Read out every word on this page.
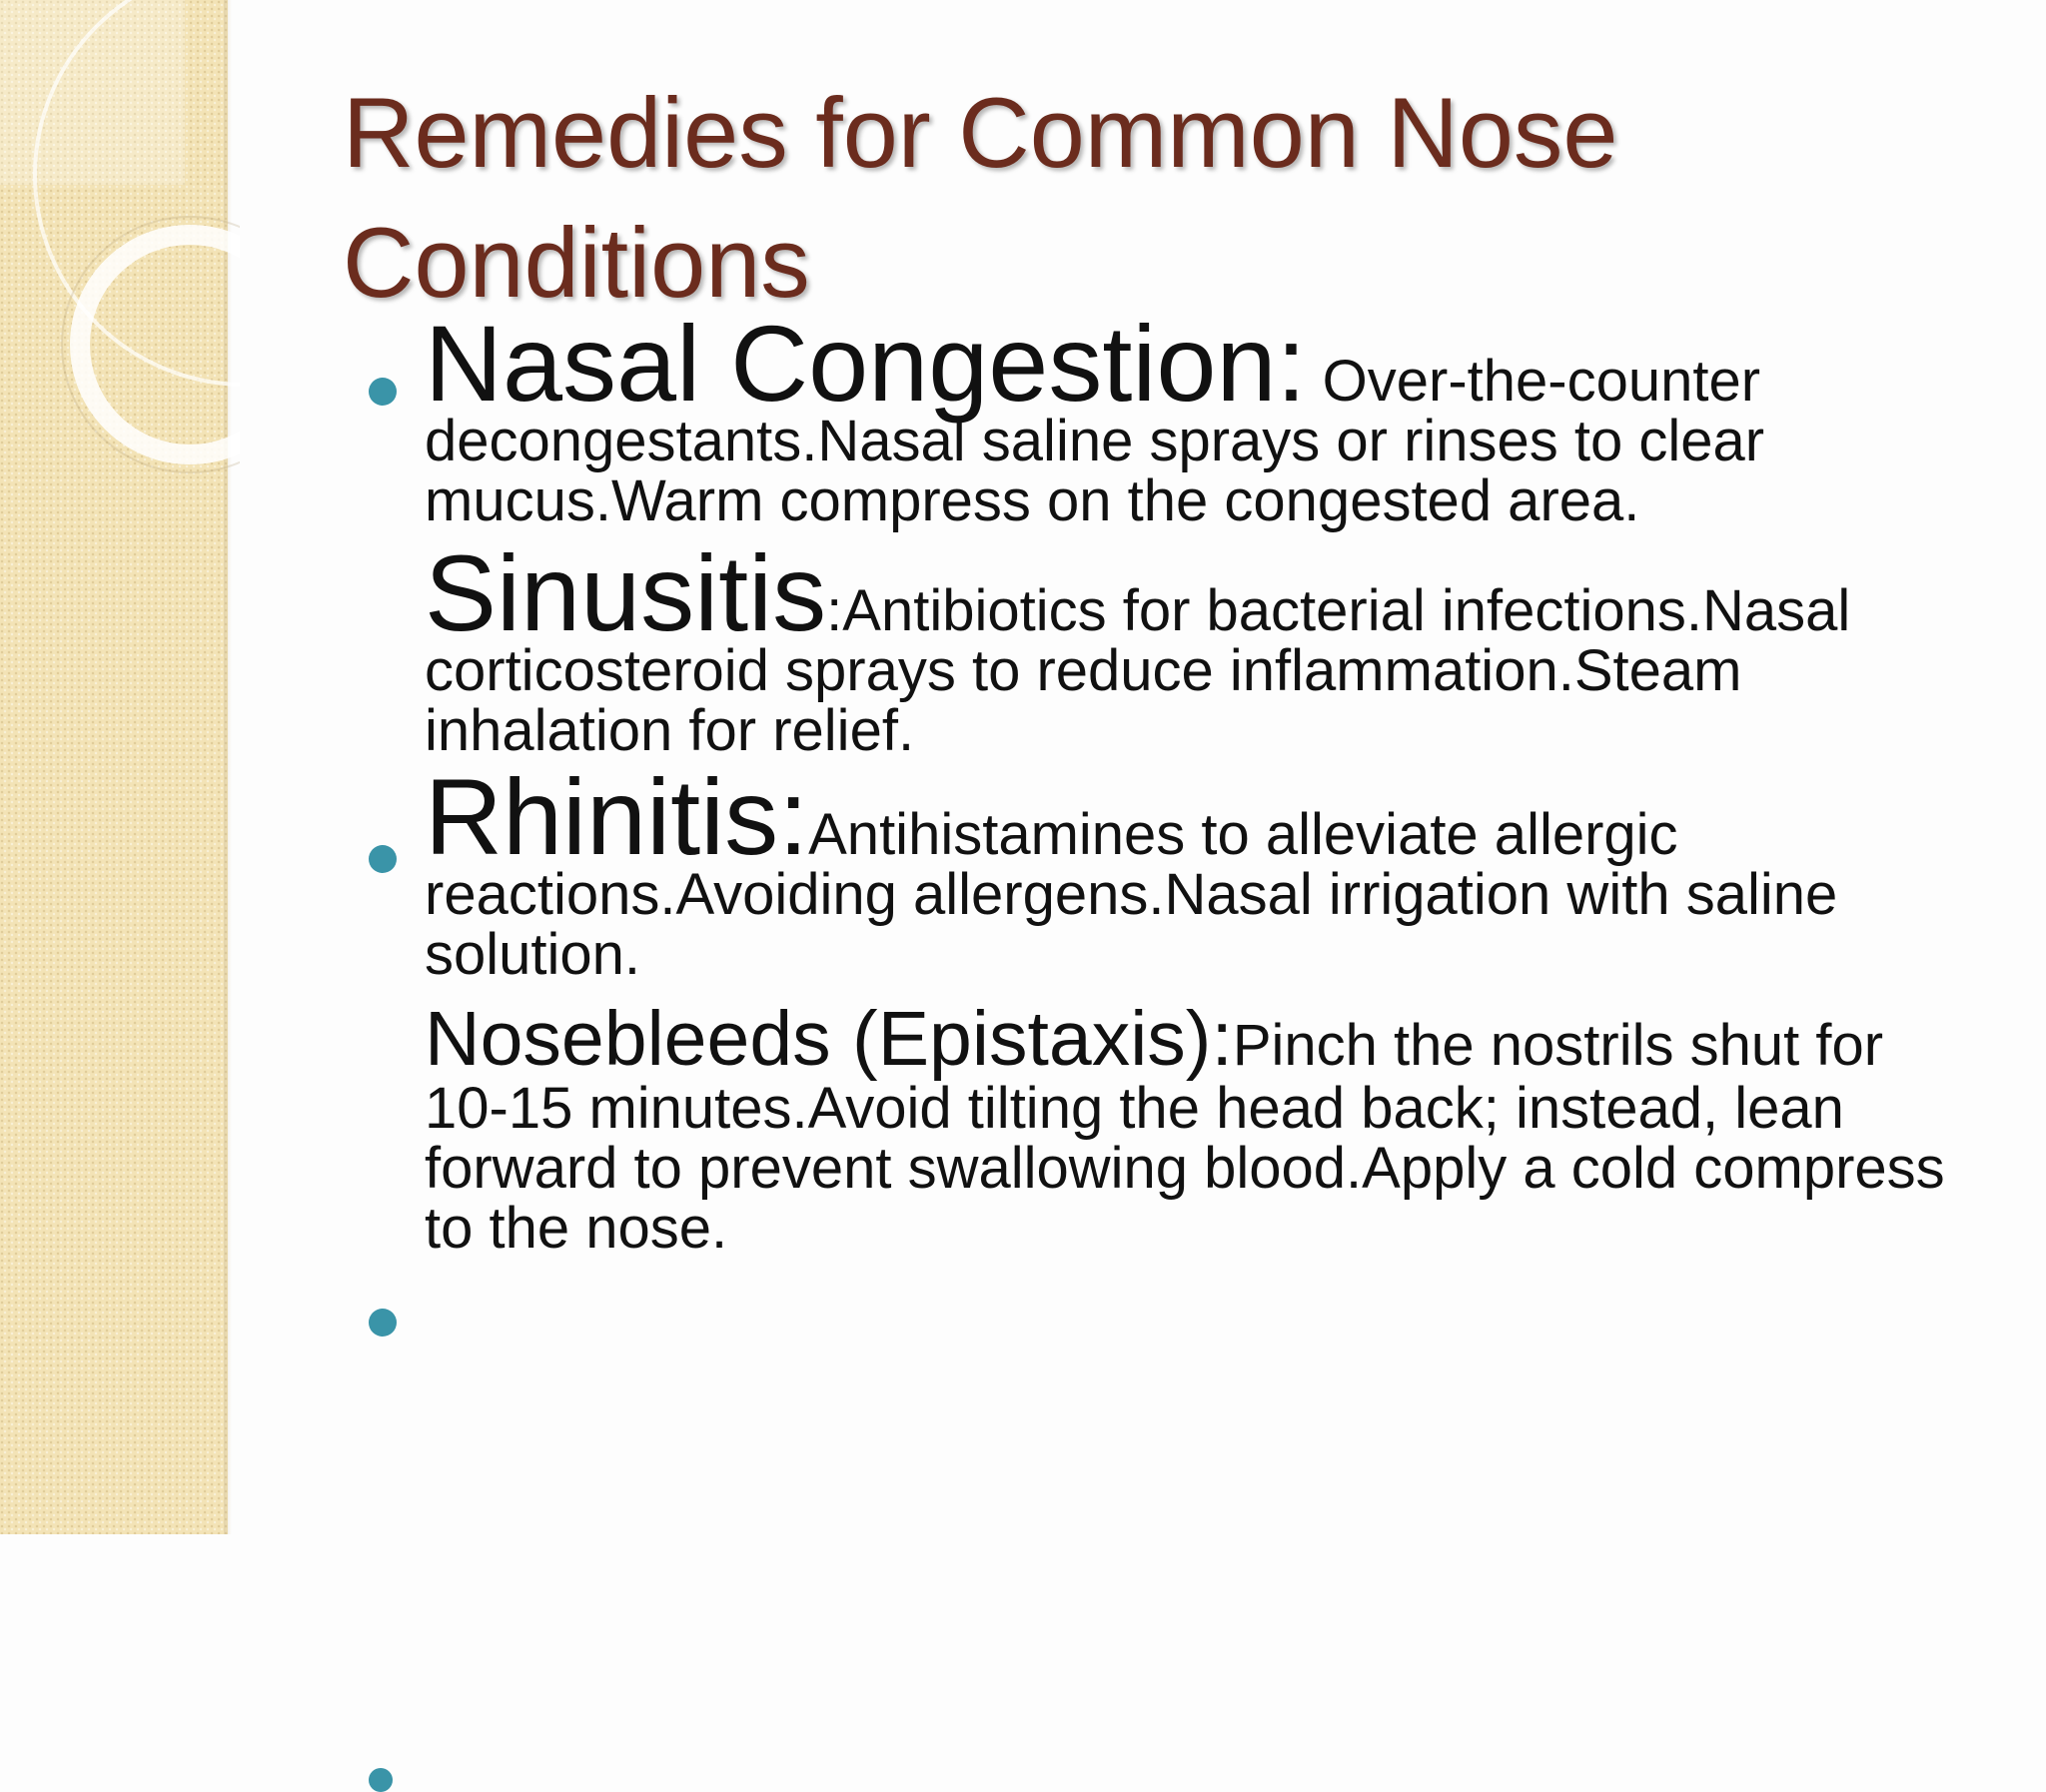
Remedies for Common Nose Conditions
Nasal Congestion: Over-the-counter decongestants.Nasal saline sprays or rinses to clear mucus.Warm compress on the congested area.
Sinusitis:Antibiotics for bacterial infections.Nasal corticosteroid sprays to reduce inflammation.Steam inhalation for relief.
Rhinitis:Antihistamines to alleviate allergic reactions.Avoiding allergens.Nasal irrigation with saline solution.
Nosebleeds (Epistaxis):Pinch the nostrils shut for 10-15 minutes.Avoid tilting the head back; instead, lean forward to prevent swallowing blood.Apply a cold compress to the nose.
